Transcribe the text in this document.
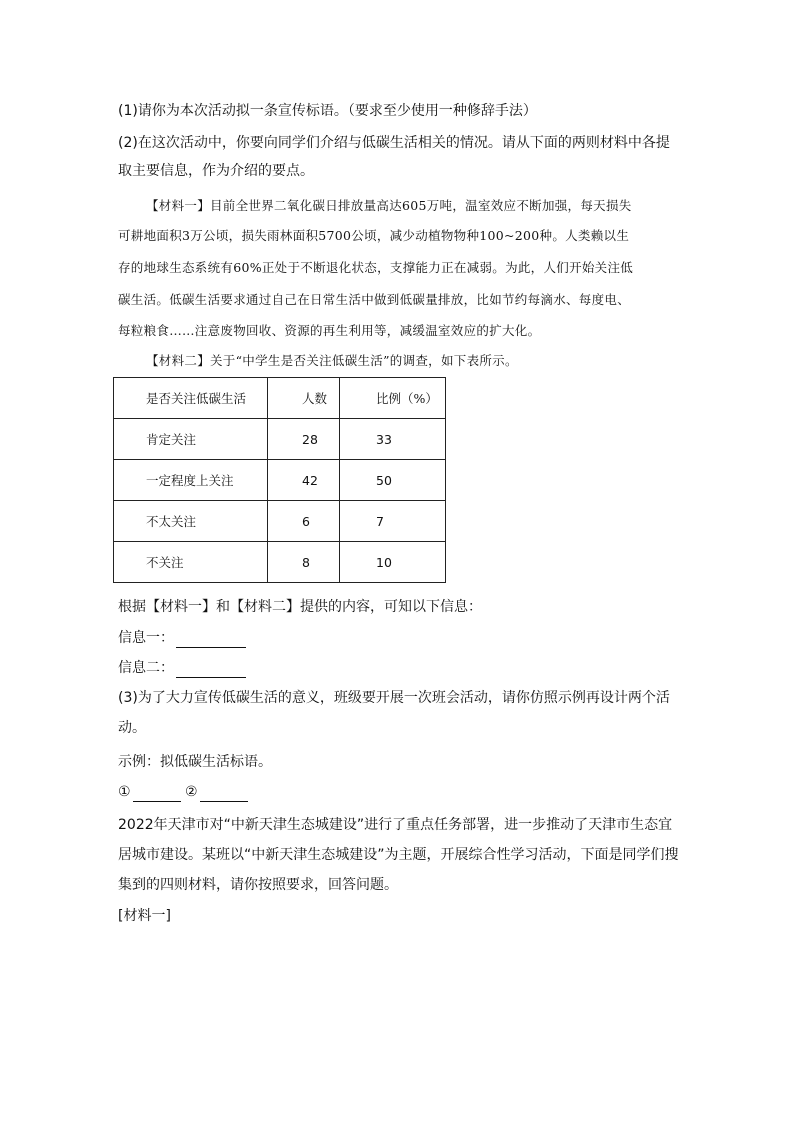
(1)请你为本次活动拟一条宣传标语。（要求至少使用一种修辞手法）
(2)在这次活动中，你要向同学们介绍与低碳生活相关的情况。请从下面的两则材料中各提
取主要信息，作为介绍的要点。
【材料一】目前全世界二氧化碳日排放量高达605万吨，温室效应不断加强，每天损失
可耕地面积3万公顷，损失雨林面积5700公顷，减少动植物物种100~200种。人类赖以生
存的地球生态系统有60%正处于不断退化状态，支撑能力正在减弱。为此，人们开始关注低
碳生活。低碳生活要求通过自己在日常生活中做到低碳量排放，比如节约每滴水、每度电、
每粒粮食……注意废物回收、资源的再生利用等，减缓温室效应的扩大化。
【材料二】关于“中学生是否关注低碳生活”的调查，如下表所示。
是否关注低碳生活	人数	比例（%）
肯定关注	28	33
一定程度上关注	42	50
不太关注	6	7
不关注	8	10
根据【材料一】和【材料二】提供的内容，可知以下信息：
信息一：
信息二：
(3)为了大力宣传低碳生活的意义，班级要开展一次班会活动，请你仿照示例再设计两个活
动。
示例：拟低碳生活标语。
①	②
2022年天津市对“中新天津生态城建设”进行了重点任务部署，进一步推动了天津市生态宜
居城市建设。某班以“中新天津生态城建设”为主题，开展综合性学习活动，下面是同学们搜
集到的四则材料，请你按照要求，回答问题。
[材料一]
